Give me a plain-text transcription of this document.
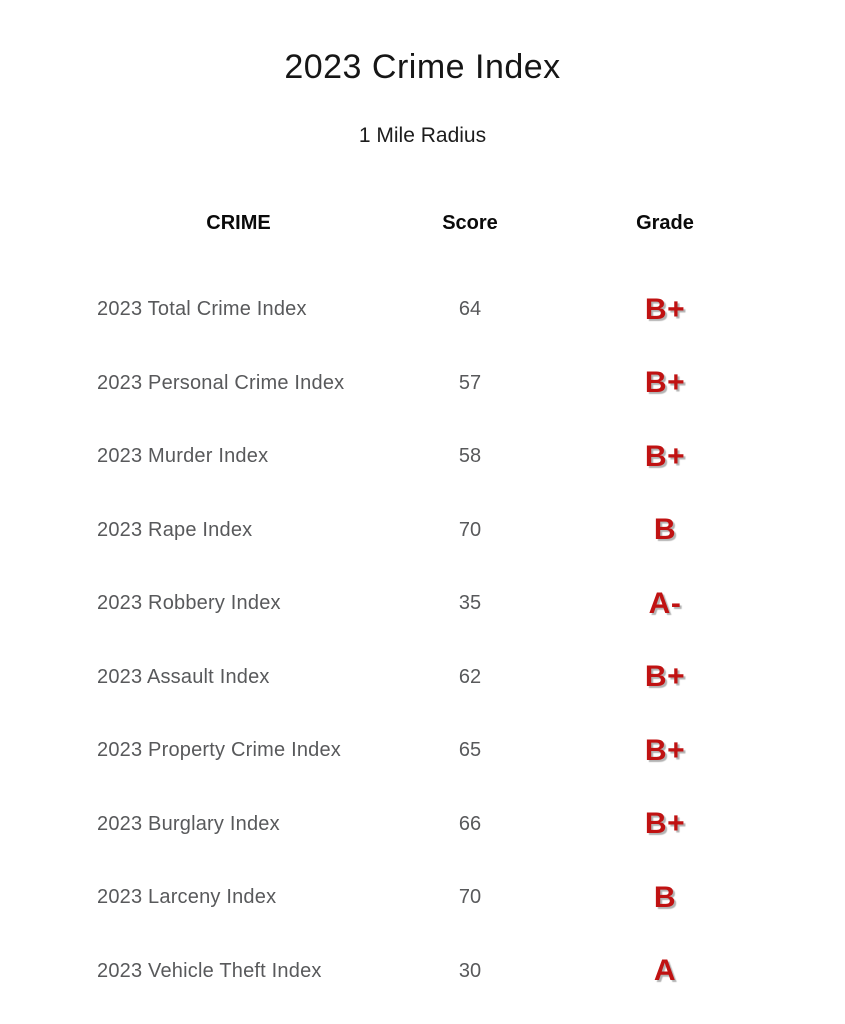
2023 Crime Index
1 Mile Radius
CRIME	Score	Grade
2023 Total Crime Index	64	B+
2023 Personal Crime Index	57	B+
2023 Murder Index	58	B+
2023 Rape Index	70	B
2023 Robbery Index	35	A-
2023 Assault Index	62	B+
2023 Property Crime Index	65	B+
2023 Burglary Index	66	B+
2023 Larceny Index	70	B
2023 Vehicle Theft Index	30	A
